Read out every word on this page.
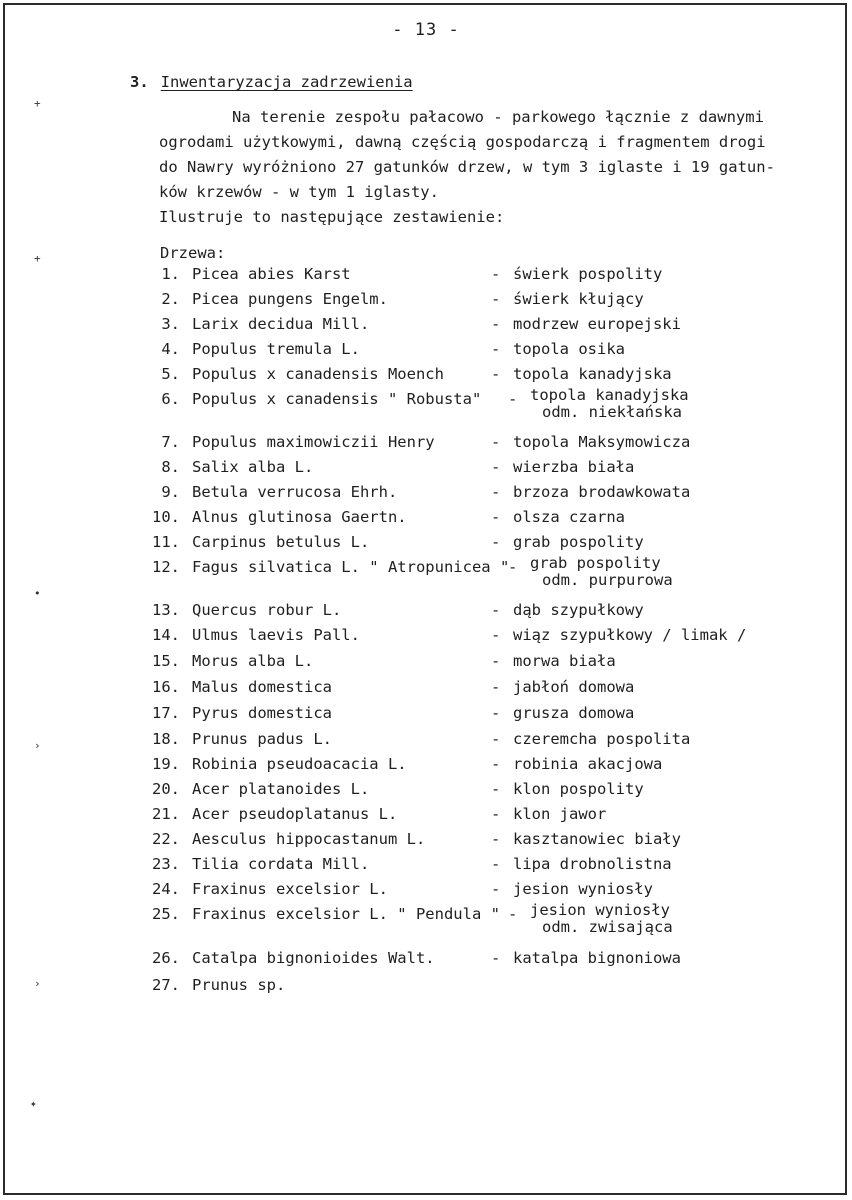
- 13 -
3. Inwentaryzacja zadrzewienia
Na terenie zespołu pałacowo - parkowego łącznie z dawnymi
ogrodami użytkowymi, dawną częścią gospodarczą i fragmentem drogi
do Nawry wyróżniono 27 gatunków drzew, w tym 3 iglaste i 19 gatun-
ków krzewów - w tym 1 iglasty.
Ilustruje to następujące zestawienie:
Drzewa:
1. Picea abies Karst	- świerk pospolity
2. Picea pungens Engelm.	- świerk kłujący
3. Larix decidua Mill.	- modrzew europejski
4. Populus tremula L.	- topola osika
5. Populus x canadensis Moench	- topola kanadyjska
6. Populus x canadensis " Robusta" - topola kanadyjska
odm. niekłańska
7. Populus maximowiczii Henry	- topola Maksymowicza
8. Salix alba L.	- wierzba biała
9. Betula verrucosa Ehrh.	- brzoza brodawkowata
10. Alnus glutinosa Gaertn.	- olsza czarna
11. Carpinus betulus L.	- grab pospolity
12. Fagus silvatica L. " Atropunicea "
- grab pospolity
odm. purpurowa
13. Quercus robur L.	- dąb szypułkowy
14. Ulmus laevis Pall.	- wiąz szypułkowy / limak /
15. Morus alba L.	- morwa biała
16. Malus domestica	- jabłoń domowa
17. Pyrus domestica	- grusza domowa
18. Prunus padus L.	- czeremcha pospolita
19. Robinia pseudoacacia L.	- robinia akacjowa
20. Acer platanoides L.	- klon pospolity
21. Acer pseudoplatanus L.	- klon jawor
22. Aesculus hippocastanum L.	- kasztanowiec biały
23. Tilia cordata Mill.	- lipa drobnolistna
24. Fraxinus excelsior L.	- jesion wyniosły
25. Fraxinus excelsior L. " Pendula " - jesion wyniosły
odm. zwisająca
26. Catalpa bignonioides Walt.	- katalpa bignoniowa
27. Prunus sp.
+
+
•
›
›
✦
